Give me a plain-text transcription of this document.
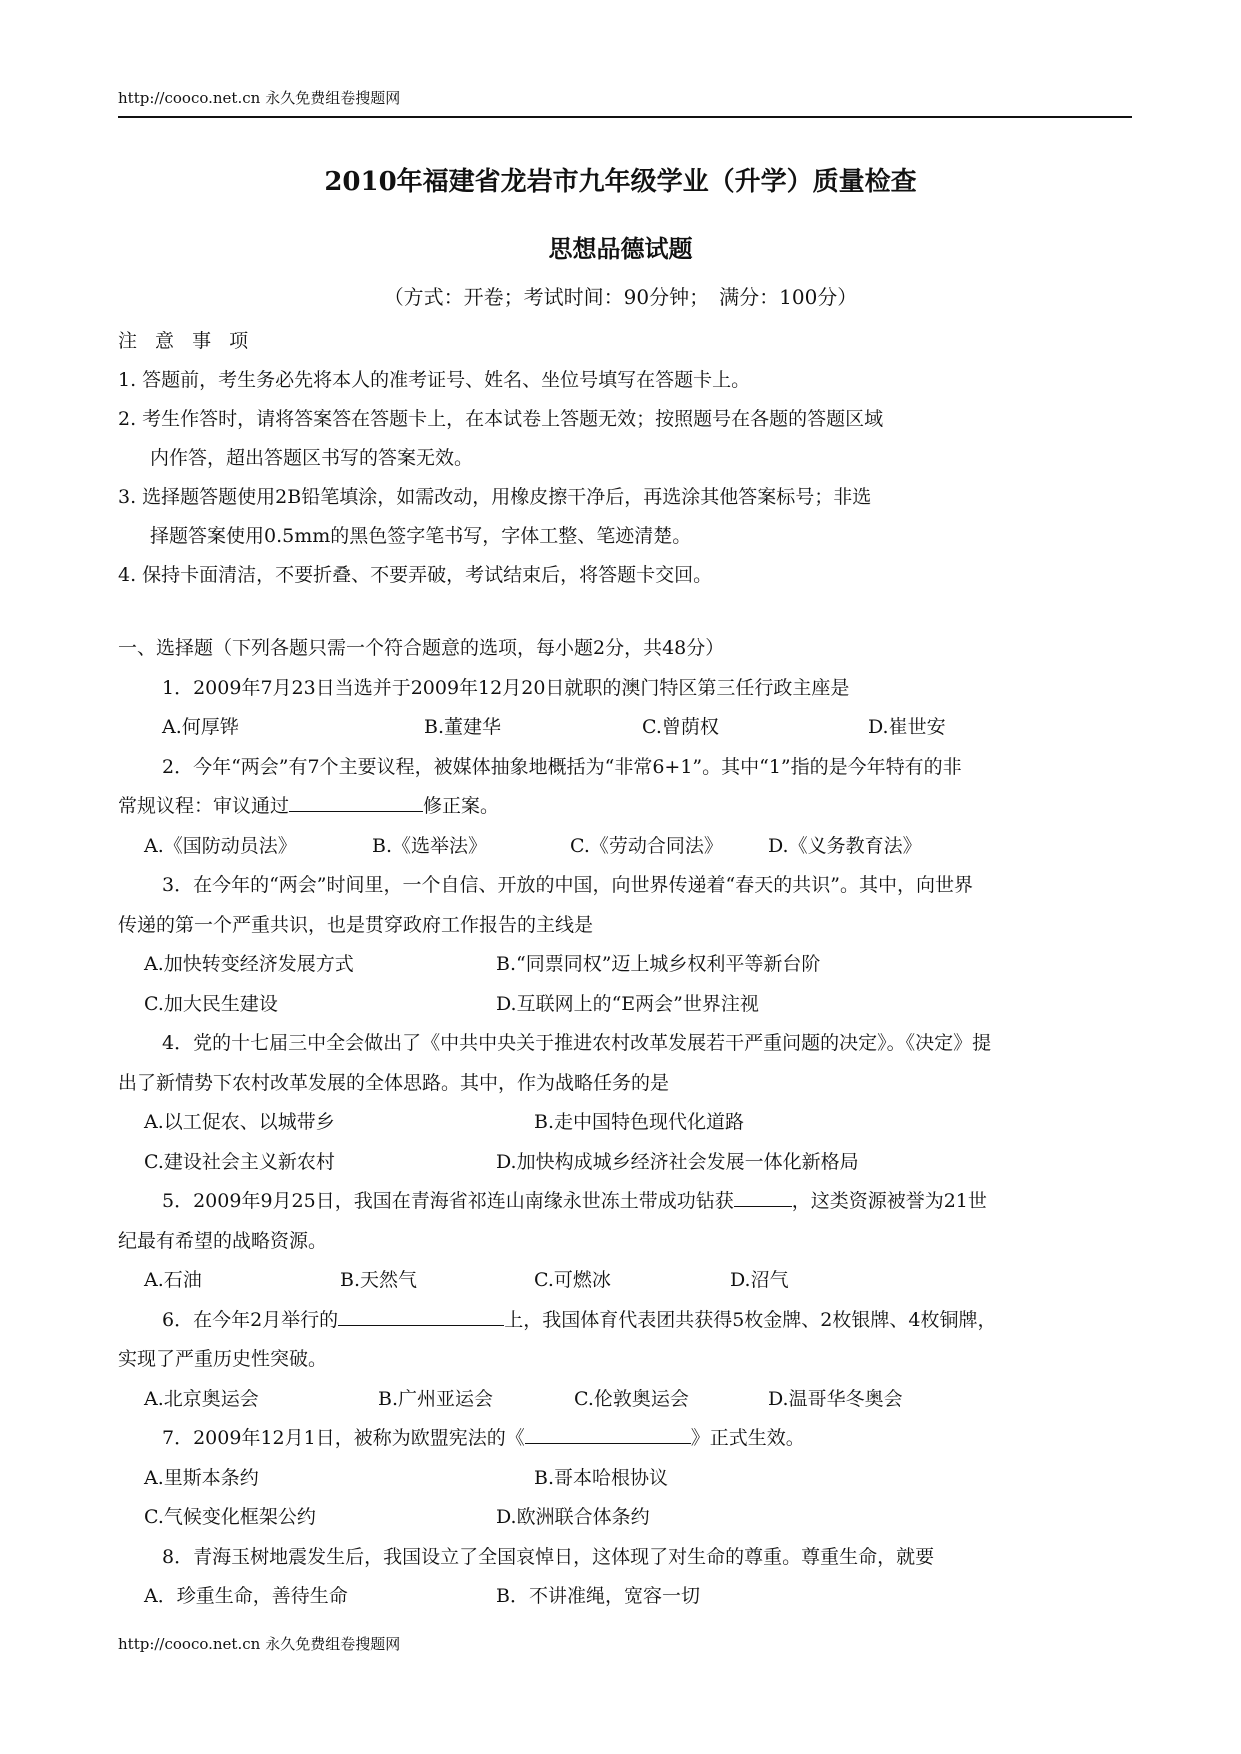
http://cooco.net.cn 永久免费组卷搜题网
2010年福建省龙岩市九年级学业（升学）质量检查
思想品德试题
（方式：开卷；考试时间：90分钟；　满分：100分）
注 意 事 项
1. 答题前，考生务必先将本人的准考证号、姓名、坐位号填写在答题卡上。
2. 考生作答时，请将答案答在答题卡上，在本试卷上答题无效；按照题号在各题的答题区域
内作答，超出答题区书写的答案无效。
3. 选择题答题使用2B铅笔填涂，如需改动，用橡皮擦干净后，再选涂其他答案标号；非选
择题答案使用0.5mm的黑色签字笔书写，字体工整、笔迹清楚。
4. 保持卡面清洁，不要折叠、不要弄破，考试结束后，将答题卡交回。
一、选择题（下列各题只需一个符合题意的选项，每小题2分，共48分）
1．2009年7月23日当选并于2009年12月20日就职的澳门特区第三任行政主座是
A.何厚铧	B.董建华	C.曾荫权	D.崔世安
2．今年“两会”有7个主要议程，被媒体抽象地概括为“非常6+1”。其中“1”指的是今年特有的非
常规议程：审议通过	修正案。
A.《国防动员法》	B.《选举法》	C.《劳动合同法》 D.《义务教育法》
3．在今年的“两会”时间里，一个自信、开放的中国，向世界传递着“春天的共识”。其中，向世界
传递的第一个严重共识，也是贯穿政府工作报告的主线是
A.加快转变经济发展方式	B.“同票同权”迈上城乡权利平等新台阶
C.加大民生建设	D.互联网上的“E两会”世界注视
4．党的十七届三中全会做出了《中共中央关于推进农村改革发展若干严重问题的决定》。《决定》提
出了新情势下农村改革发展的全体思路。其中，作为战略任务的是
A.以工促农、以城带乡	B.走中国特色现代化道路
C.建设社会主义新农村	D.加快构成城乡经济社会发展一体化新格局
5．2009年9月25日，我国在青海省祁连山南缘永世冻土带成功钻获	，这类资源被誉为21世
纪最有希望的战略资源。
A.石油	B.天然气	C.可燃冰	D.沼气
6．在今年2月举行的	上，我国体育代表团共获得5枚金牌、2枚银牌、4枚铜牌，
实现了严重历史性突破。
A.北京奥运会	B.广州亚运会	C.伦敦奥运会	D.温哥华冬奥会
7．2009年12月1日，被称为欧盟宪法的《	》正式生效。
A.里斯本条约	B.哥本哈根协议
C.气候变化框架公约	D.欧洲联合体条约
8．青海玉树地震发生后，我国设立了全国哀悼日，这体现了对生命的尊重。尊重生命，就要
A．珍重生命，善待生命	B．不讲准绳，宽容一切
http://cooco.net.cn 永久免费组卷搜题网
